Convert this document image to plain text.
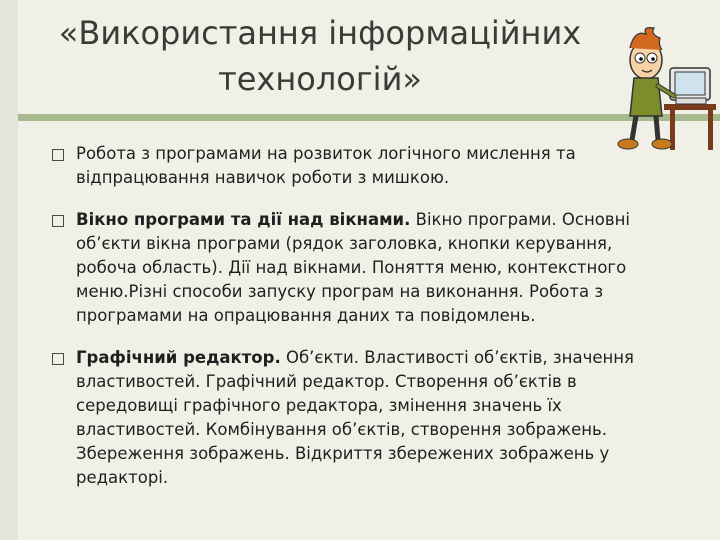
«Використання інформаційних
технологій»
Робота з програмами на розвиток логічного мислення та відпрацювання навичок роботи з мишкою.
Вікно програми та дії над вікнами. Вікно програми. Основні об’єкти вікна програми (рядок заголовка, кнопки керування, робоча область). Дії над вікнами. Поняття меню, контекстного меню.Різні способи запуску програм на виконання. Робота з програмами на опрацювання даних та повідомлень.
Графічний редактор. Об’єкти. Властивості об’єктів, значення властивостей. Графічний редактор. Створення об’єктів в середовищі графічного редактора, змінення значень їх властивостей. Комбінування об’єктів, створення зображень. Збереження зображень. Відкриття збережених зображень у редакторі.
